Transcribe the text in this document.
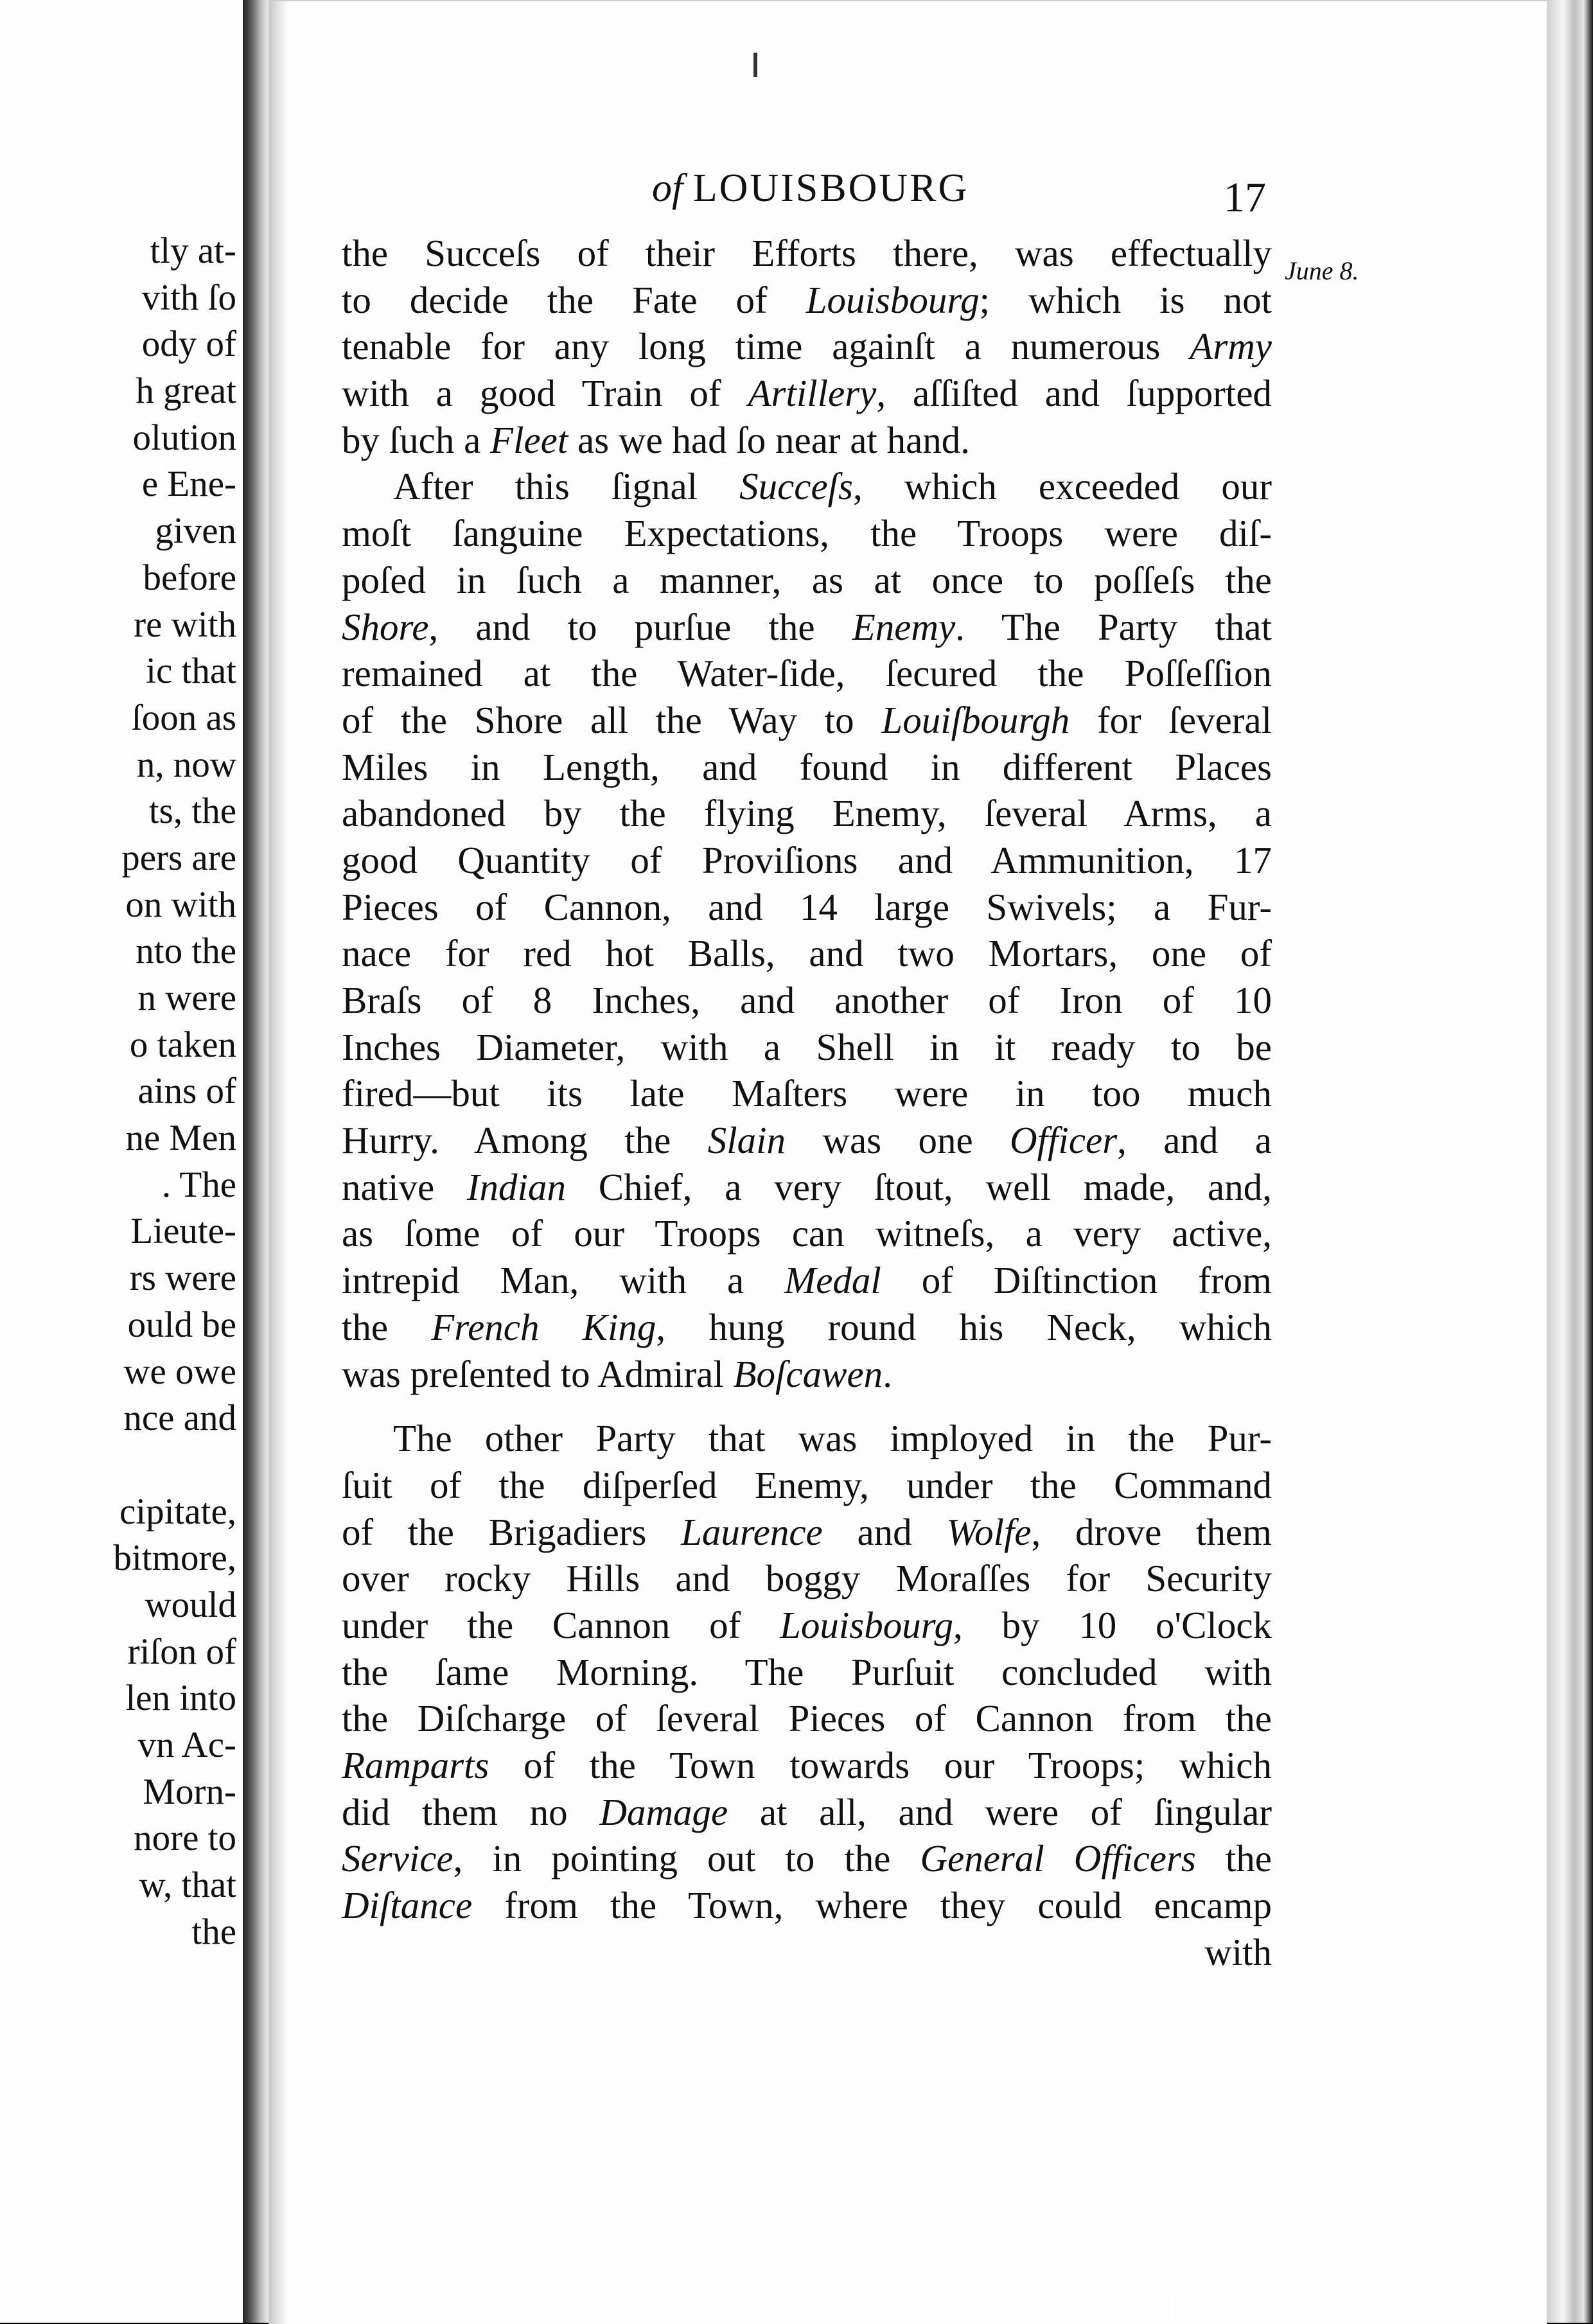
tly at-
vith ſo
ody of
h great
olution
e Ene-
given
before
re with
ic that
ſoon as
n, now
ts, the
pers are
on with
nto the
n were
o taken
ains of
ne Men
. The
Lieute-
rs were
ould be
we owe
nce and
cipitate,
bitmore,
would
riſon of
len into
vn Ac-
Morn-
nore to
w, that
the
of LOUISBOURG	17
June 8.
the Succeſs of their Efforts there, was effectually
to decide the Fate of Louisbourg; which is not
tenable for any long time againſt a numerous Army
with a good Train of Artillery, aſſiſted and ſupported
by ſuch a Fleet as we had ſo near at hand.
After this ſignal Succeſs, which exceeded our
moſt ſanguine Expectations, the Troops were diſ-
poſed in ſuch a manner, as at once to poſſeſs the
Shore, and to purſue the Enemy. The Party that
remained at the Water-ſide, ſecured the Poſſeſſion
of the Shore all the Way to Louiſbourgh for ſeveral
Miles in Length, and found in different Places
abandoned by the flying Enemy, ſeveral Arms, a
good Quantity of Proviſions and Ammunition, 17
Pieces of Cannon, and 14 large Swivels; a Fur-
nace for red hot Balls, and two Mortars, one of
Braſs of 8 Inches, and another of Iron of 10
Inches Diameter, with a Shell in it ready to be
fired—but its late Maſters were in too much
Hurry. Among the Slain was one Officer, and a
native Indian Chief, a very ſtout, well made, and,
as ſome of our Troops can witneſs, a very active,
intrepid Man, with a Medal of Diſtinction from
the French King, hung round his Neck, which
was preſented to Admiral Boſcawen.
The other Party that was imployed in the Pur-
ſuit of the diſperſed Enemy, under the Command
of the Brigadiers Laurence and Wolfe, drove them
over rocky Hills and boggy Moraſſes for Security
under the Cannon of Louisbourg, by 10 o'Clock
the ſame Morning. The Purſuit concluded with
the Diſcharge of ſeveral Pieces of Cannon from the
Ramparts of the Town towards our Troops; which
did them no Damage at all, and were of ſingular
Service, in pointing out to the General Officers the
Diſtance from the Town, where they could encamp
with
